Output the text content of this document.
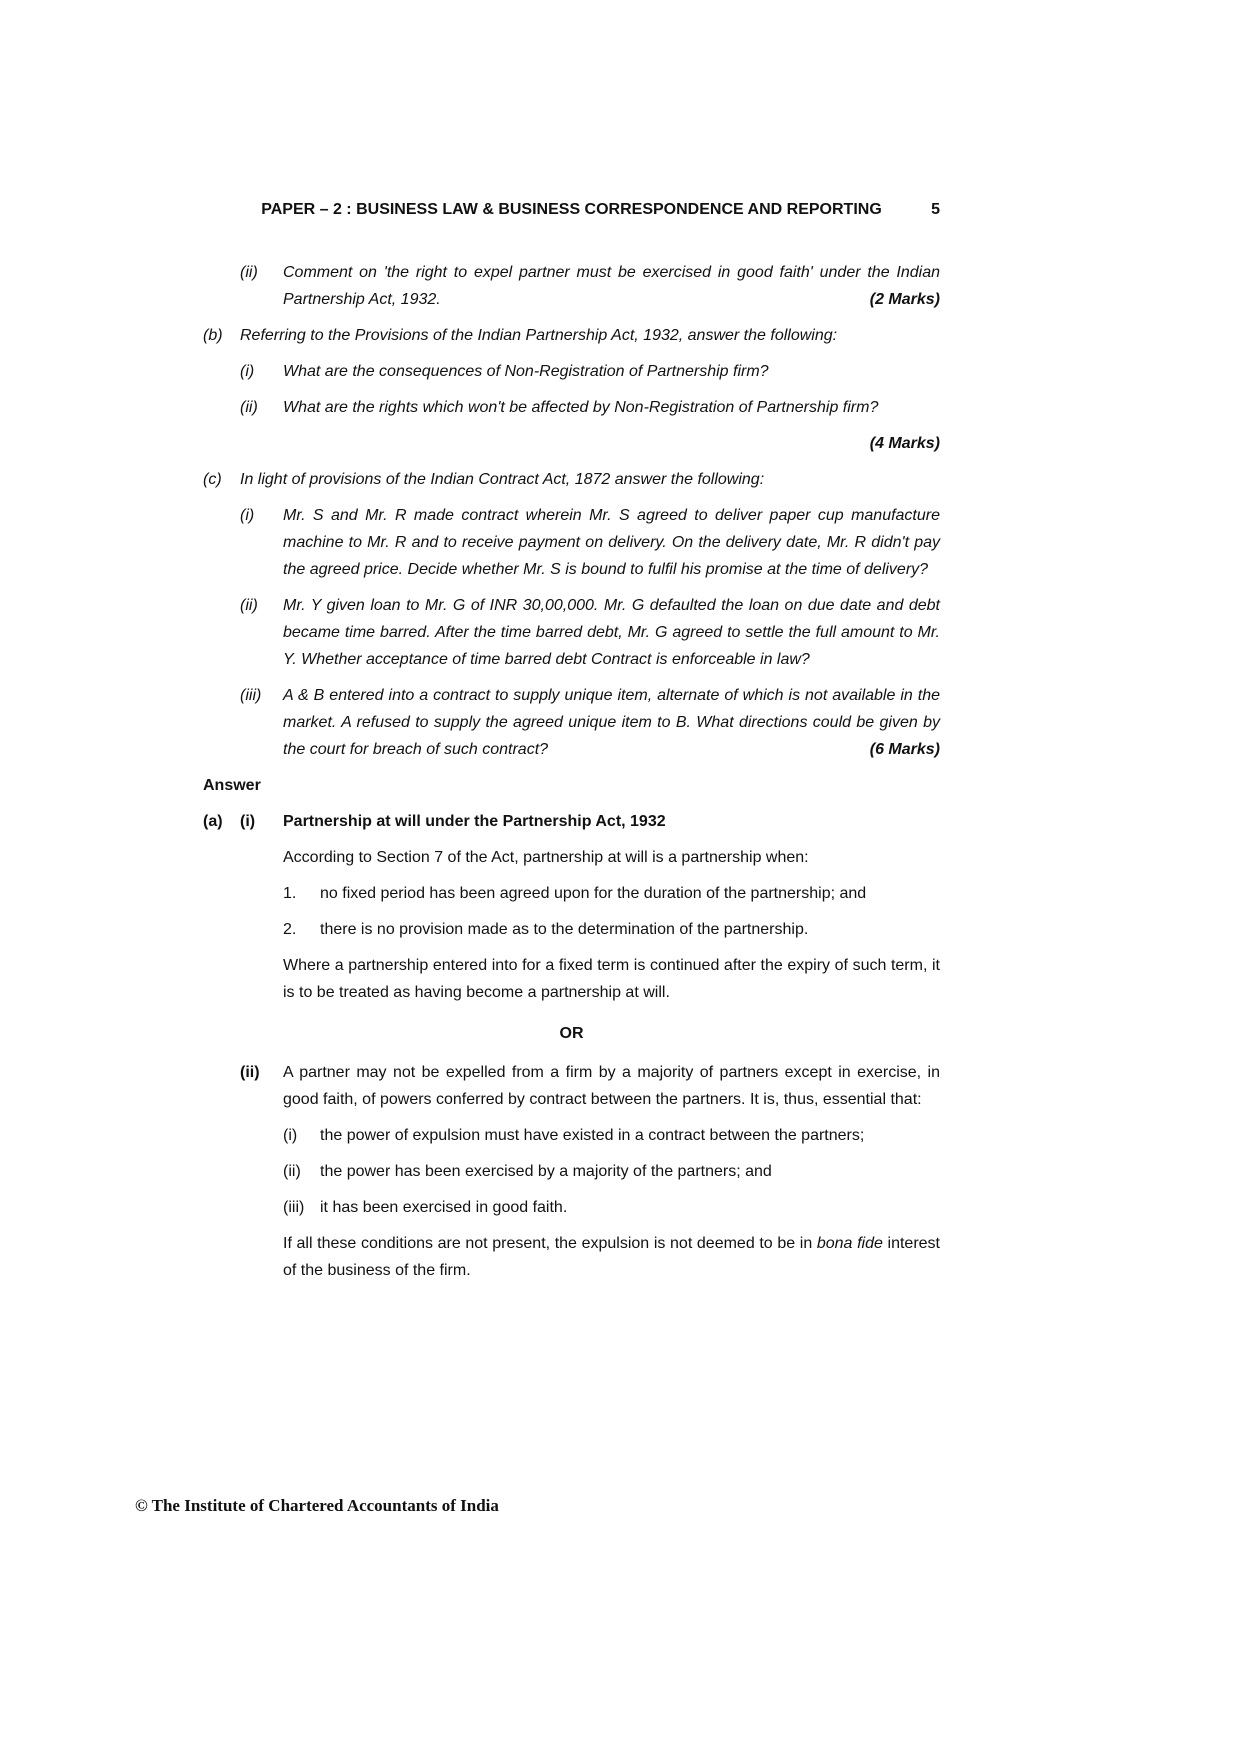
PAPER – 2 : BUSINESS LAW & BUSINESS CORRESPONDENCE AND REPORTING	5
(ii)	Comment on 'the right to expel partner must be exercised in good faith' under the Indian Partnership Act, 1932.	(2 Marks)
(b)	Referring to the Provisions of the Indian Partnership Act, 1932, answer the following:
(i)	What are the consequences of Non-Registration of Partnership firm?
(ii)	What are the rights which won't be affected by Non-Registration of Partnership firm?
(4 Marks)
(c)	In light of provisions of the Indian Contract Act, 1872 answer the following:
(i)	Mr. S and Mr. R made contract wherein Mr. S agreed to deliver paper cup manufacture machine to Mr. R and to receive payment on delivery. On the delivery date, Mr. R didn't pay the agreed price. Decide whether Mr. S is bound to fulfil his promise at the time of delivery?
(ii)	Mr. Y given loan to Mr. G of INR 30,00,000. Mr. G defaulted the loan on due date and debt became time barred. After the time barred debt, Mr. G agreed to settle the full amount to Mr. Y. Whether acceptance of time barred debt Contract is enforceable in law?
(iii)	A & B entered into a contract to supply unique item, alternate of which is not available in the market. A refused to supply the agreed unique item to B. What directions could be given by the court for breach of such contract?	(6 Marks)
Answer
(a)	(i)	Partnership at will under the Partnership Act, 1932
According to Section 7 of the Act, partnership at will is a partnership when:
1.	no fixed period has been agreed upon for the duration of the partnership; and
2.	there is no provision made as to the determination of the partnership.
Where a partnership entered into for a fixed term is continued after the expiry of such term, it is to be treated as having become a partnership at will.
OR
(ii)	A partner may not be expelled from a firm by a majority of partners except in exercise, in good faith, of powers conferred by contract between the partners. It is, thus, essential that:
(i)	the power of expulsion must have existed in a contract between the partners;
(ii)	the power has been exercised by a majority of the partners; and
(iii) it has been exercised in good faith.
If all these conditions are not present, the expulsion is not deemed to be in bona fide interest of the business of the firm.
© The Institute of Chartered Accountants of India
